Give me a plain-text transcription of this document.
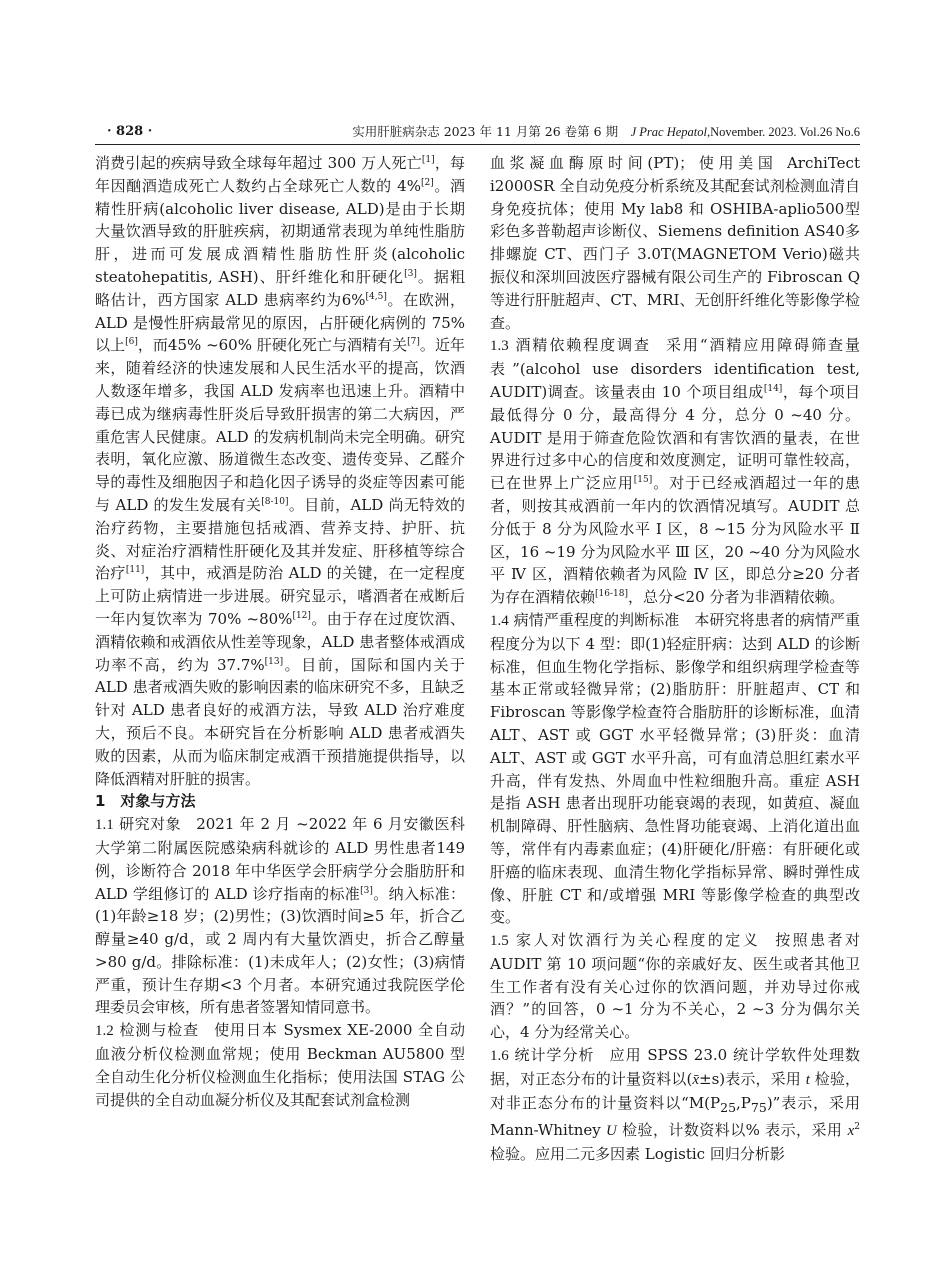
· 828 ·	实用肝脏病杂志 2023 年 11 月第 26 卷第 6 期　 J Prac Hepatol,November. 2023. Vol.26 No.6

消费引起的疾病导致全球每年超过 300 万人死亡[1]，每年因酗酒造成死亡人数约占全球死亡人数的 4%[2]。酒精性肝病(alcoholic liver disease, ALD)是由于长期大量饮酒导致的肝脏疾病，初期通常表现为单纯性脂肪肝，进而可发展成酒精性脂肪性肝炎(alcoholic steatohepatitis, ASH)、肝纤维化和肝硬化[3]。据粗略估计，西方国家 ALD 患病率约为6%[4,5]。在欧洲，ALD 是慢性肝病最常见的原因，占肝硬化病例的 75% 以上[6]，而45% ~60% 肝硬化死亡与酒精有关[7]。近年来，随着经济的快速发展和人民生活水平的提高，饮酒人数逐年增多，我国 ALD 发病率也迅速上升。酒精中毒已成为继病毒性肝炎后导致肝损害的第二大病因，严重危害人民健康。ALD 的发病机制尚未完全明确。研究表明，氧化应激、肠道微生态改变、遗传变异、乙醛介导的毒性及细胞因子和趋化因子诱导的炎症等因素可能与 ALD 的发生发展有关[8-10]。目前，ALD 尚无特效的治疗药物，主要措施包括戒酒、营养支持、护肝、抗炎、对症治疗酒精性肝硬化及其并发症、肝移植等综合治疗[11]，其中，戒酒是防治 ALD 的关键，在一定程度上可防止病情进一步进展。研究显示，嗜酒者在戒断后一年内复饮率为 70% ~80%[12]。由于存在过度饮酒、酒精依赖和戒酒依从性差等现象，ALD 患者整体戒酒成功率不高，约为 37.7%[13]。目前，国际和国内关于 ALD 患者戒酒失败的影响因素的临床研究不多，且缺乏针对 ALD 患者良好的戒酒方法，导致 ALD 治疗难度大，预后不良。本研究旨在分析影响 ALD 患者戒酒失败的因素，从而为临床制定戒酒干预措施提供指导，以降低酒精对肝脏的损害。

1　对象与方法

1.1 研究对象 2021 年 2 月 ~2022 年 6 月安徽医科大学第二附属医院感染病科就诊的 ALD 男性患者149 例，诊断符合 2018 年中华医学会肝病学分会脂肪肝和 ALD 学组修订的 ALD 诊疗指南的标准[3]。纳入标准：(1)年龄≥18 岁；(2)男性；(3)饮酒时间≥5 年，折合乙醇量≥40 g/d，或 2 周内有大量饮酒史，折合乙醇量>80 g/d。排除标准：(1)未成年人；(2)女性；(3)病情严重，预计生存期<3 个月者。本研究通过我院医学伦理委员会审核，所有患者签署知情同意书。

1.2 检测与检查 使用日本 Sysmex XE-2000 全自动血液分析仪检测血常规；使用 Beckman AU5800 型全自动生化分析仪检测血生化指标；使用法国 STAG 公司提供的全自动血凝分析仪及其配套试剂盒检测

血浆凝血酶原时间(PT)；使用美国 ArchiTect i2000SR 全自动免疫分析系统及其配套试剂检测血清自身免疫抗体；使用 My lab8 和 OSHIBA-aplio500型彩色多普勒超声诊断仪、Siemens definition AS40多排螺旋 CT、西门子 3.0T(MAGNETOM Verio)磁共振仪和深圳回波医疗器械有限公司生产的 Fibroscan Q 等进行肝脏超声、CT、MRI、无创肝纤维化等影像学检查。

1.3 酒精依赖程度调查 采用“酒精应用障碍筛查量表”(alcohol use disorders identification test, AUDIT)调查。该量表由 10 个项目组成[14]，每个项目最低得分 0 分，最高得分 4 分，总分 0 ~40 分。AUDIT 是用于筛查危险饮酒和有害饮酒的量表，在世界进行过多中心的信度和效度测定，证明可靠性较高，已在世界上广泛应用[15]。对于已经戒酒超过一年的患者，则按其戒酒前一年内的饮酒情况填写。AUDIT 总分低于 8 分为风险水平 Ⅰ 区，8 ~15 分为风险水平 Ⅱ 区，16 ~19 分为风险水平 Ⅲ 区，20 ~40 分为风险水平 Ⅳ 区，酒精依赖者为风险 Ⅳ 区，即总分≥20 分者为存在酒精依赖[16-18]，总分<20 分者为非酒精依赖。

1.4 病情严重程度的判断标准 本研究将患者的病情严重程度分为以下 4 型：即(1)轻症肝病：达到 ALD 的诊断标准，但血生物化学指标、影像学和组织病理学检查等基本正常或轻微异常；(2)脂肪肝：肝脏超声、CT 和 Fibroscan 等影像学检查符合脂肪肝的诊断标准，血清 ALT、AST 或 GGT 水平轻微异常；(3)肝炎：血清 ALT、AST 或 GGT 水平升高，可有血清总胆红素水平升高，伴有发热、外周血中性粒细胞升高。重症 ASH 是指 ASH 患者出现肝功能衰竭的表现，如黄疸、凝血机制障碍、肝性脑病、急性肾功能衰竭、上消化道出血等，常伴有内毒素血症；(4)肝硬化/肝癌：有肝硬化或肝癌的临床表现、血清生物化学指标异常、瞬时弹性成像、肝脏 CT 和/或增强 MRI 等影像学检查的典型改变。

1.5 家人对饮酒行为关心程度的定义 按照患者对 AUDIT 第 10 项问题“你的亲戚好友、医生或者其他卫生工作者有没有关心过你的饮酒问题，并劝导过你戒酒？”的回答，0 ~1 分为不关心，2 ~3 分为偶尔关心，4 分为经常关心。

1.6 统计学分析 应用 SPSS 23.0 统计学软件处理数据，对正态分布的计量资料以(x̄±s)表示，采用 t 检验，对非正态分布的计量资料以“$M(P_{25},P_{75})$”表示，采用 Mann-Whitney U 检验，计数资料以% 表示，采用 $x^2$ 检验。应用二元多因素 Logistic 回归分析影
